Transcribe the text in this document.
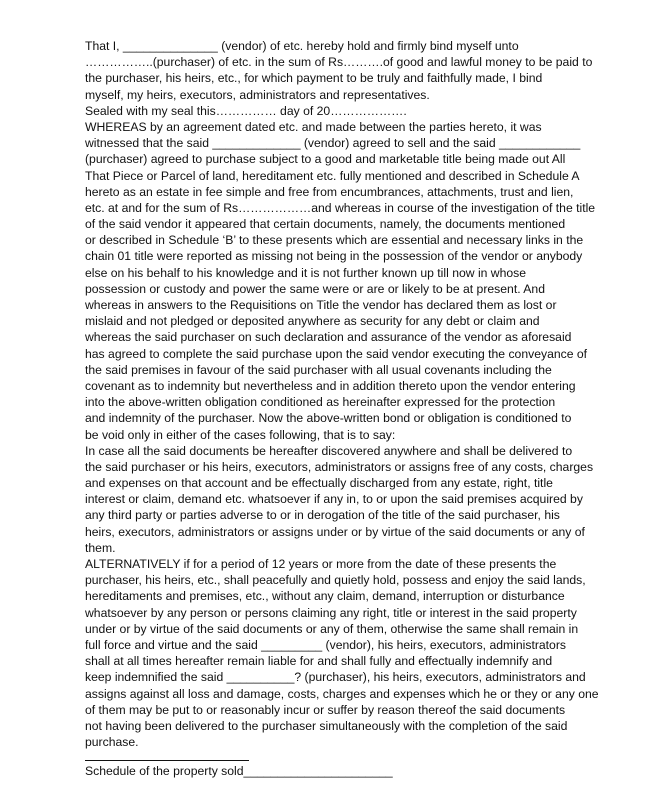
That I, ______________ (vendor) of etc. hereby hold and firmly bind myself unto
……………..(purchaser) of etc. in the sum of Rs……….of good and lawful money to be paid to
the purchaser, his heirs, etc., for which payment to be truly and faithfully made, I bind
myself, my heirs, executors, administrators and representatives.
Sealed with my seal this…………… day of 20……………….
WHEREAS by an agreement dated etc. and made between the parties hereto, it was
witnessed that the said _____________ (vendor) agreed to sell and the said ____________
(purchaser) agreed to purchase subject to a good and marketable title being made out All
That Piece or Parcel of land, hereditament etc. fully mentioned and described in Schedule A
hereto as an estate in fee simple and free from encumbrances, attachments, trust and lien,
etc. at and for the sum of Rs………………and whereas in course of the investigation of the title
of the said vendor it appeared that certain documents, namely, the documents mentioned
or described in Schedule ‘B’ to these presents which are essential and necessary links in the
chain 01 title were reported as missing not being in the possession of the vendor or anybody
else on his behalf to his knowledge and it is not further known up till now in whose
possession or custody and power the same were or are or likely to be at present. And
whereas in answers to the Requisitions on Title the vendor has declared them as lost or
mislaid and not pledged or deposited anywhere as security for any debt or claim and
whereas the said purchaser on such declaration and assurance of the vendor as aforesaid
has agreed to complete the said purchase upon the said vendor executing the conveyance of
the said premises in favour of the said purchaser with all usual covenants including the
covenant as to indemnity but nevertheless and in addition thereto upon the vendor entering
into the above-written obligation conditioned as hereinafter expressed for the protection
and indemnity of the purchaser. Now the above-written bond or obligation is conditioned to
be void only in either of the cases following, that is to say:
In case all the said documents be hereafter discovered anywhere and shall be delivered to
the said purchaser or his heirs, executors, administrators or assigns free of any costs, charges
and expenses on that account and be effectually discharged from any estate, right, title
interest or claim, demand etc. whatsoever if any in, to or upon the said premises acquired by
any third party or parties adverse to or in derogation of the title of the said purchaser, his
heirs, executors, administrators or assigns under or by virtue of the said documents or any of
them.
ALTERNATIVELY if for a period of 12 years or more from the date of these presents the
purchaser, his heirs, etc., shall peacefully and quietly hold, possess and enjoy the said lands,
hereditaments and premises, etc., without any claim, demand, interruption or disturbance
whatsoever by any person or persons claiming any right, title or interest in the said property
under or by virtue of the said documents or any of them, otherwise the same shall remain in
full force and virtue and the said _________ (vendor), his heirs, executors, administrators
shall at all times hereafter remain liable for and shall fully and effectually indemnify and
keep indemnified the said __________? (purchaser), his heirs, executors, administrators and
assigns against all loss and damage, costs, charges and expenses which he or they or any one
of them may be put to or reasonably incur or suffer by reason thereof the said documents
not having been delivered to the purchaser simultaneously with the completion of the said
purchase.
Schedule of the property sold______________________
